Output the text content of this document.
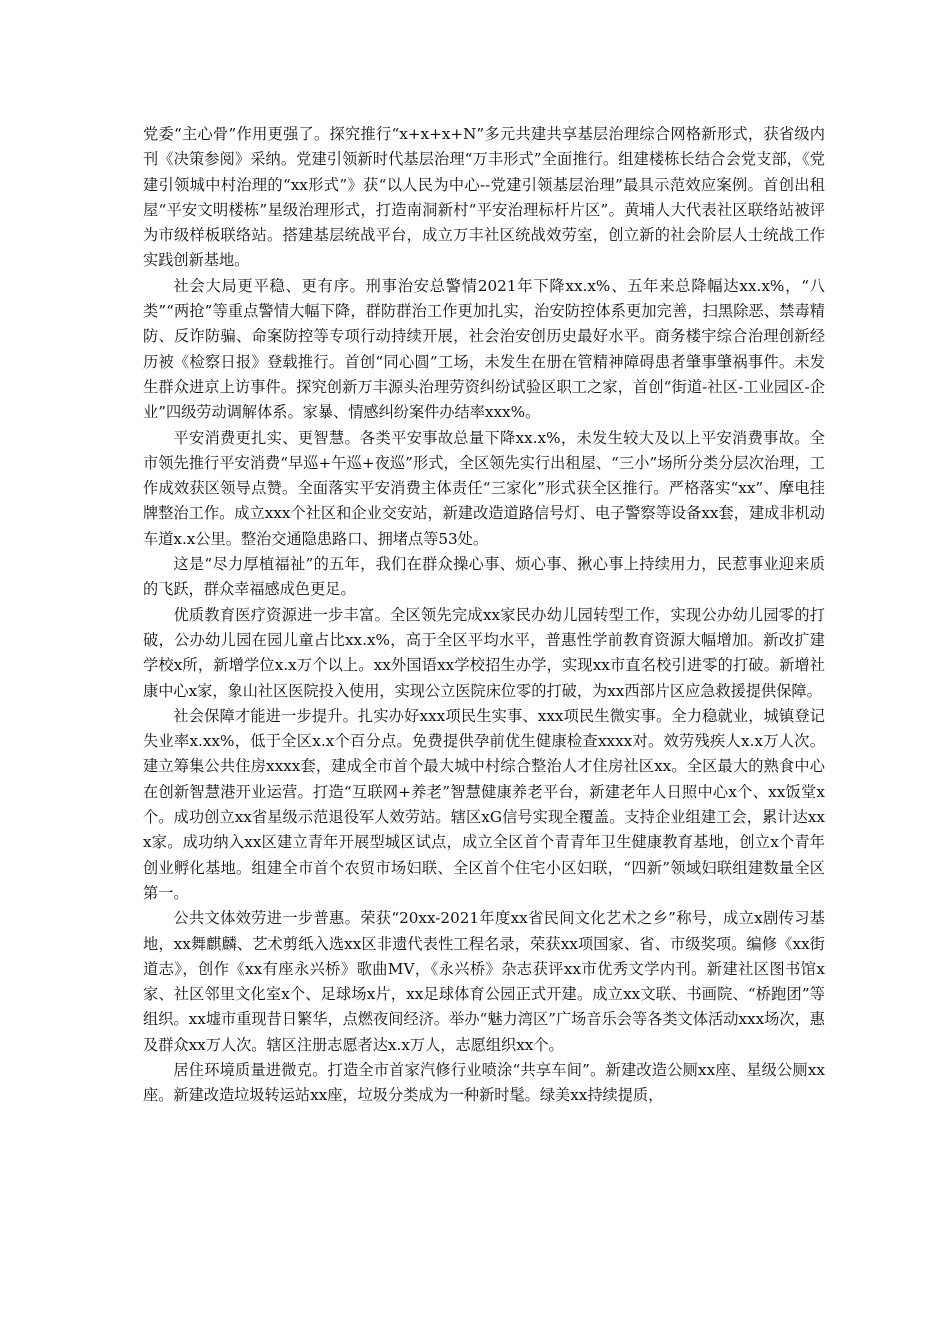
党委“主心骨”作用更强了。探究推行“x+x+x+N”多元共建共享基层治理综合网格新形式，获省级内刊《决策参阅》采纳。党建引领新时代基层治理“万丰形式”全面推行。组建楼栋长结合会党支部，《党建引领城中村治理的“xx形式”》获“以人民为中心--党建引领基层治理”最具示范效应案例。首创出租屋“平安文明楼栋”星级治理形式，打造南洞新村“平安治理标杆片区”。黄埔人大代表社区联络站被评为市级样板联络站。搭建基层统战平台，成立万丰社区统战效劳室，创立新的社会阶层人士统战工作实践创新基地。

社会大局更平稳、更有序。刑事治安总警情2021年下降xx.x%、五年来总降幅达xx.x%，“八类”“两抢”等重点警情大幅下降，群防群治工作更加扎实，治安防控体系更加完善，扫黑除恶、禁毒精防、反诈防骗、命案防控等专项行动持续开展，社会治安创历史最好水平。商务楼宇综合治理创新经历被《检察日报》登载推行。首创“同心圆”工场，未发生在册在管精神障碍患者肇事肇祸事件。未发生群众进京上访事件。探究创新万丰源头治理劳资纠纷试验区职工之家，首创“街道-社区-工业园区-企业”四级劳动调解体系。家暴、情感纠纷案件办结率xxx%。

平安消费更扎实、更智慧。各类平安事故总量下降xx.x%，未发生较大及以上平安消费事故。全市领先推行平安消费“早巡+午巡+夜巡”形式，全区领先实行出租屋、“三小”场所分类分层次治理，工作成效获区领导点赞。全面落实平安消费主体责任“三家化”形式获全区推行。严格落实“xx”、摩电挂牌整治工作。成立xxx个社区和企业交安站，新建改造道路信号灯、电子警察等设备xx套，建成非机动车道x.x公里。整治交通隐患路口、拥堵点等53处。

这是“尽力厚植福祉”的五年，我们在群众操心事、烦心事、揪心事上持续用力，民惹事业迎来质的飞跃，群众幸福感成色更足。

优质教育医疗资源进一步丰富。全区领先完成xx家民办幼儿园转型工作，实现公办幼儿园零的打破，公办幼儿园在园儿童占比xx.x%，高于全区平均水平，普惠性学前教育资源大幅增加。新改扩建学校x所，新增学位x.x万个以上。xx外国语xx学校招生办学，实现xx市直名校引进零的打破。新增社康中心x家，象山社区医院投入使用，实现公立医院床位零的打破，为xx西部片区应急救援提供保障。

社会保障才能进一步提升。扎实办好xxx项民生实事、xxx项民生微实事。全力稳就业，城镇登记失业率x.xx%，低于全区x.x个百分点。免费提供孕前优生健康检查xxxx对。效劳残疾人x.x万人次。建立筹集公共住房xxxx套，建成全市首个最大城中村综合整治人才住房社区xx。全区最大的熟食中心在创新智慧港开业运营。打造“互联网+养老”智慧健康养老平台，新建老年人日照中心x个、xx饭堂x个。成功创立xx省星级示范退役军人效劳站。辖区xG信号实现全覆盖。支持企业组建工会，累计达xxx家。成功纳入xx区建立青年开展型城区试点，成立全区首个青青年卫生健康教育基地，创立x个青年创业孵化基地。组建全市首个农贸市场妇联、全区首个住宅小区妇联，“四新”领域妇联组建数量全区第一。

公共文体效劳进一步普惠。荣获“20xx-2021年度xx省民间文化艺术之乡”称号，成立x剧传习基地，xx舞麒麟、艺术剪纸入选xx区非遗代表性工程名录，荣获xx项国家、省、市级奖项。编修《xx街道志》，创作《xx有座永兴桥》歌曲MV，《永兴桥》杂志获评xx市优秀文学内刊。新建社区图书馆x家、社区邻里文化室x个、足球场x片，xx足球体育公园正式开建。成立xx文联、书画院、“桥跑团”等组织。xx墟市重现昔日繁华，点燃夜间经济。举办“魅力湾区”广场音乐会等各类文体活动xxx场次，惠及群众xx万人次。辖区注册志愿者达x.x万人，志愿组织xx个。

居住环境质量进微克。打造全市首家汽修行业喷涂“共享车间”。新建改造公厕xx座、星级公厕xx座。新建改造垃圾转运站xx座，垃圾分类成为一种新时髦。绿美xx持续提质，
